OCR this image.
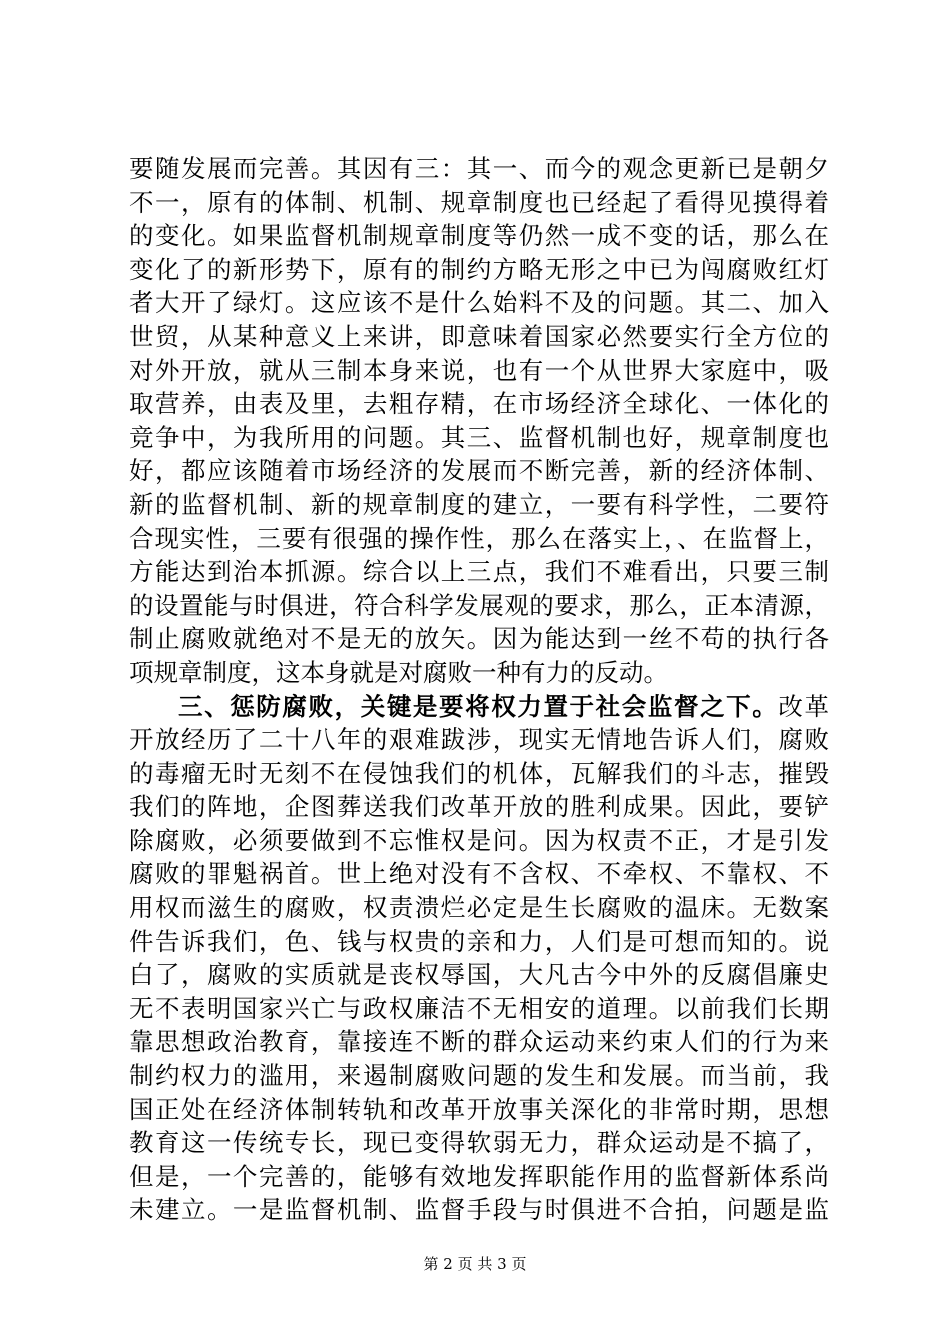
要随发展而完善。其因有三：其一、而今的观念更新已是朝夕
不一，原有的体制、机制、规章制度也已经起了看得见摸得着
的变化。如果监督机制规章制度等仍然一成不变的话，那么在
变化了的新形势下，原有的制约方略无形之中已为闯腐败红灯
者大开了绿灯。这应该不是什么始料不及的问题。其二、加入
世贸，从某种意义上来讲，即意味着国家必然要实行全方位的
对外开放，就从三制本身来说，也有一个从世界大家庭中，吸
取营养，由表及里，去粗存精，在市场经济全球化、一体化的
竞争中，为我所用的问题。其三、监督机制也好，规章制度也
好，都应该随着市场经济的发展而不断完善，新的经济体制、
新的监督机制、新的规章制度的建立，一要有科学性，二要符
合现实性，三要有很强的操作性，那么在落实上，、在监督上，
方能达到治本抓源。综合以上三点，我们不难看出，只要三制
的设置能与时俱进，符合科学发展观的要求，那么，正本清源，
制止腐败就绝对不是无的放矢。因为能达到一丝不苟的执行各
项规章制度，这本身就是对腐败一种有力的反动。
三、惩防腐败，关键是要将权力置于社会监督之下。改革
开放经历了二十八年的艰难跋涉，现实无情地告诉人们，腐败
的毒瘤无时无刻不在侵蚀我们的机体，瓦解我们的斗志，摧毁
我们的阵地，企图葬送我们改革开放的胜利成果。因此，要铲
除腐败，必须要做到不忘惟权是问。因为权责不正，才是引发
腐败的罪魁祸首。世上绝对没有不含权、不牵权、不靠权、不
用权而滋生的腐败，权责溃烂必定是生长腐败的温床。无数案
件告诉我们，色、钱与权贵的亲和力，人们是可想而知的。说
白了，腐败的实质就是丧权辱国，大凡古今中外的反腐倡廉史
无不表明国家兴亡与政权廉洁不无相安的道理。以前我们长期
靠思想政治教育，靠接连不断的群众运动来约束人们的行为来
制约权力的滥用，来遏制腐败问题的发生和发展。而当前，我
国正处在经济体制转轨和改革开放事关深化的非常时期，思想
教育这一传统专长，现已变得软弱无力，群众运动是不搞了，
但是，一个完善的，能够有效地发挥职能作用的监督新体系尚
未建立。一是监督机制、监督手段与时俱进不合拍，问题是监
第 2 页 共 3 页
